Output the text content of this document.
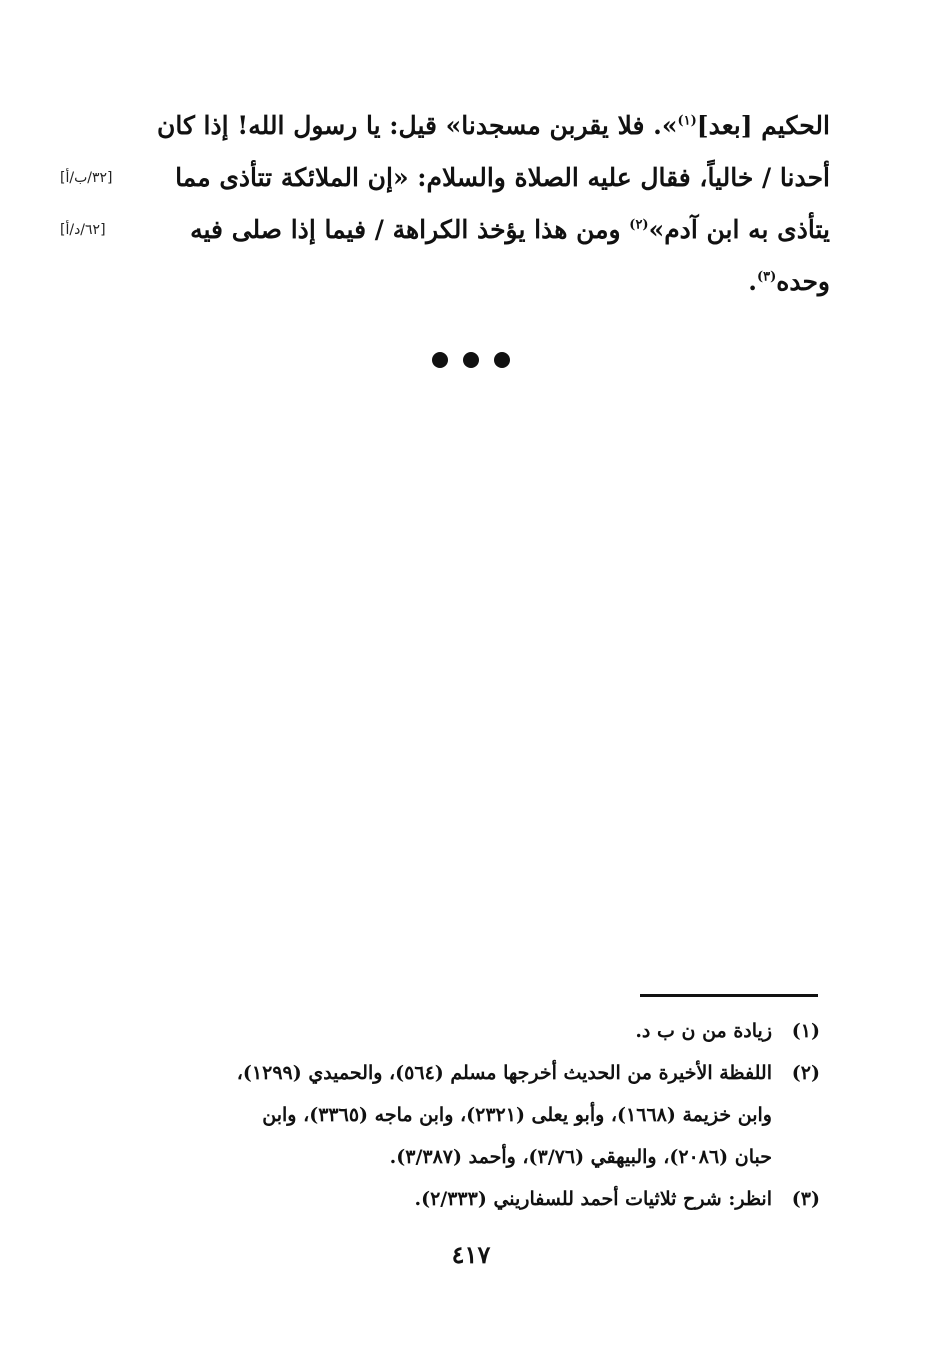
الحكيم [بعد]$^{(١)}$». فلا يقربن مسجدنا» قيل: يا رسول الله! إذا كان
أحدنا / خالياً، فقال عليه الصلاة والسلام: «إن الملائكة تتأذى مما
[٣٢/ب/أ]
يتأذى به ابن آدم»$^{(٢)}$ ومن هذا يؤخذ الكراهة / فيما إذا صلى فيه
[٦٢/د/أ]
وحده$^{(٣)}$.

(١)
زيادة من ن ب د.
(٢)
اللفظة الأخيرة من الحديث أخرجها مسلم (٥٦٤)، والحميدي (١٢٩٩)،
وابن خزيمة (١٦٦٨)، وأبو يعلى (٢٣٢١)، وابن ماجه (٣٣٦٥)، وابن
حبان (٢٠٨٦)، والبيهقي (٣/٧٦)، وأحمد (٣/٣٨٧).
(٣)
انظر: شرح ثلاثيات أحمد للسفاريني (٢/٣٣٣).
٤١٧
